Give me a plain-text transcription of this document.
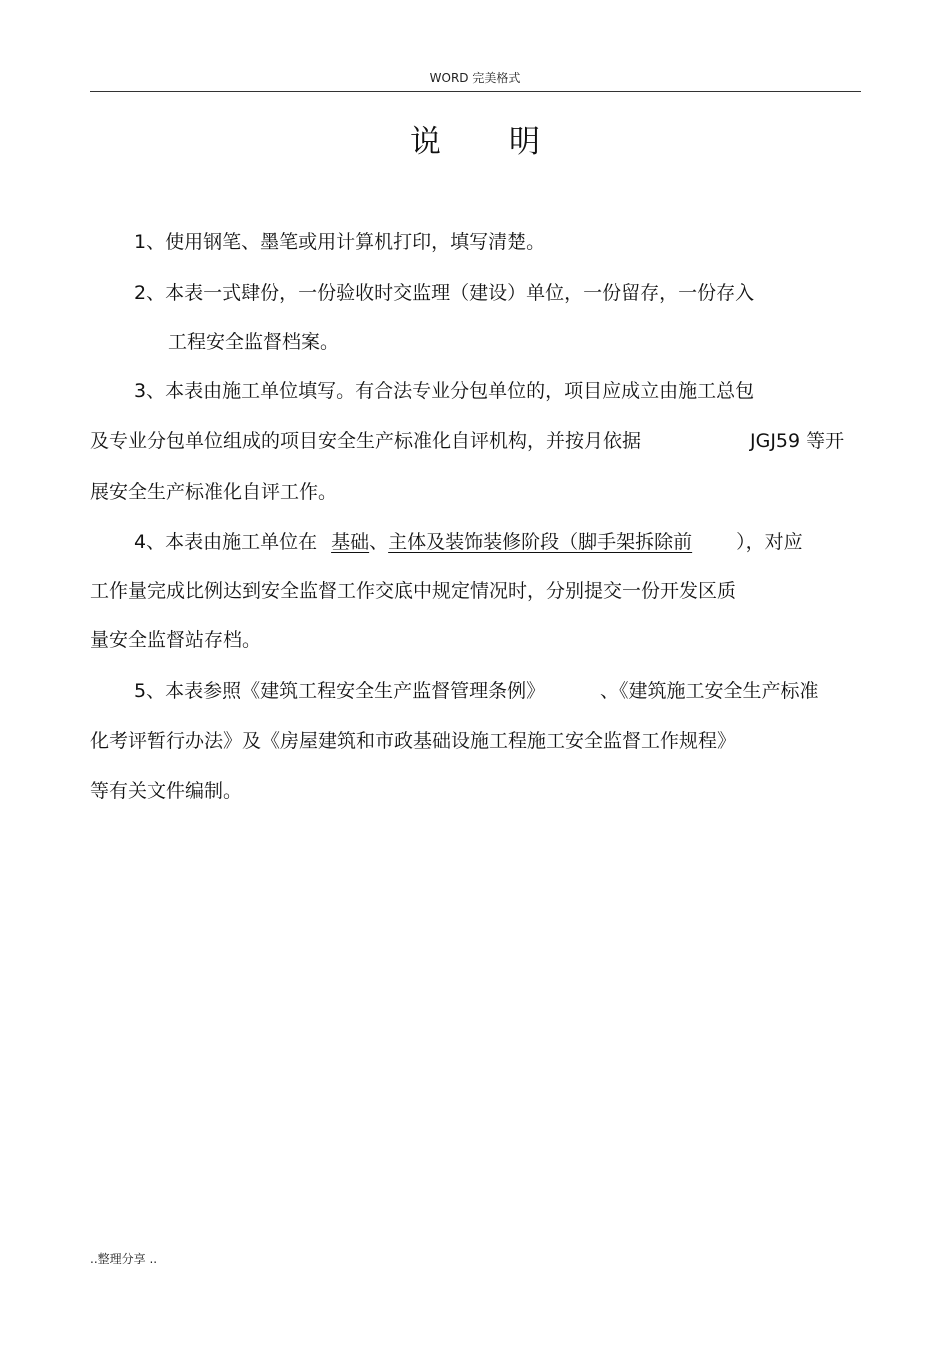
WORD 完美格式
说明
1、使用钢笔、墨笔或用计算机打印，填写清楚。
2、本表一式肆份，一份验收时交监理（建设）单位，一份留存，一份存入
工程安全监督档案。
3、本表由施工单位填写。有合法专业分包单位的，项目应成立由施工总包
及专业分包单位组成的项目安全生产标准化自评机构，并按月依据	JGJ59 等开
展安全生产标准化自评工作。
4、本表由施工单位在 基础、主体及装饰装修阶段（脚手架拆除前 ），对应
工作量完成比例达到安全监督工作交底中规定情况时，分别提交一份开发区质
量安全监督站存档。
5、本表参照《建筑工程安全生产监督管理条例》	、《建筑施工安全生产标准
化考评暂行办法》及《房屋建筑和市政基础设施工程施工安全监督工作规程》
等有关文件编制。
..整理分享 ..
